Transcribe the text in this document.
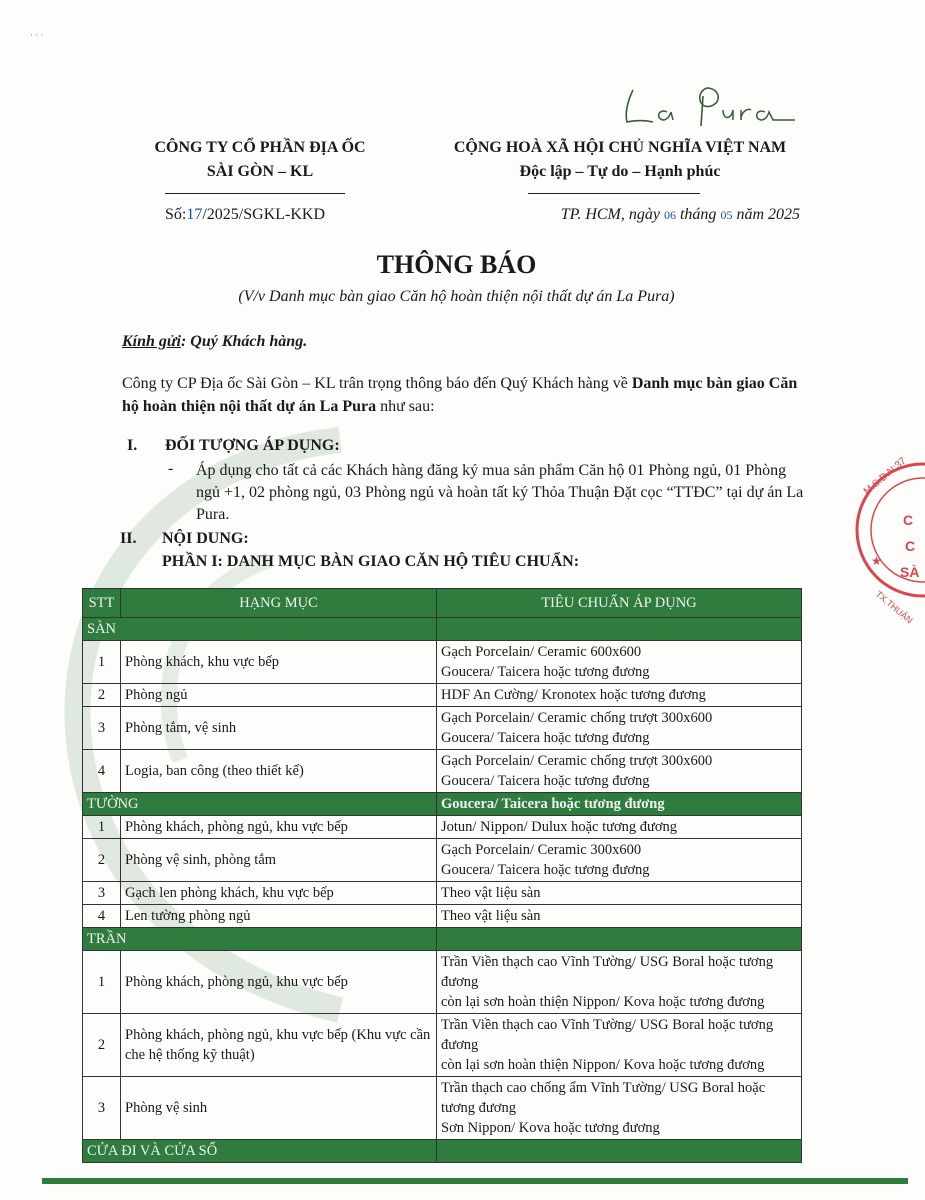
· · ·
M.S.D.N:37
C
C
SÀ
★
TX.THUẬN
CÔNG TY CỔ PHẦN ĐỊA ỐC
SÀI GÒN – KL
CỘNG HOÀ XÃ HỘI CHỦ NGHĨA VIỆT NAM
Độc lập – Tự do – Hạnh phúc
Số:17/2025/SGKL-KKD	TP. HCM, ngày 06 tháng 05 năm 2025
THÔNG BÁO
(V/v Danh mục bàn giao Căn hộ hoàn thiện nội thất dự án La Pura)
Kính gửi: Quý Khách hàng.
Công ty CP Địa ốc Sài Gòn – KL trân trọng thông báo đến Quý Khách hàng về Danh mục bàn giao Căn hộ hoàn thiện nội thất dự án La Pura như sau:
I. ĐỐI TƯỢNG ÁP DỤNG:
- Áp dụng cho tất cả các Khách hàng đăng ký mua sản phẩm Căn hộ 01 Phòng ngủ, 01 Phòng ngủ +1, 02 phòng ngủ, 03 Phòng ngủ và hoàn tất ký Thỏa Thuận Đặt cọc “TTĐC” tại dự án La Pura.
II. NỘI DUNG:
PHẦN I: DANH MỤC BÀN GIAO CĂN HỘ TIÊU CHUẨN:
STT	HẠNG MỤC	TIÊU CHUẨN ÁP DỤNG
SÀN		
1	Phòng khách, khu vực bếp	Gạch Porcelain/ Ceramic 600x600
Goucera/ Taicera hoặc tương đương

2	Phòng ngủ	HDF An Cường/ Kronotex hoặc tương đương
3	Phòng tắm, vệ sinh	Gạch Porcelain/ Ceramic chống trượt 300x600
Goucera/ Taicera hoặc tương đương

4	Logia, ban công (theo thiết kế)	Gạch Porcelain/ Ceramic chống trượt 300x600
Goucera/ Taicera hoặc tương đương

TƯỜNG		Goucera/ Taicera hoặc tương đương
1	Phòng khách, phòng ngủ, khu vực bếp	Jotun/ Nippon/ Dulux hoặc tương đương
2	Phòng vệ sinh, phòng tắm	Gạch Porcelain/ Ceramic 300x600
Goucera/ Taicera hoặc tương đương

3	Gạch len phòng khách, khu vực bếp	Theo vật liệu sàn
4	Len tường phòng ngủ	Theo vật liệu sàn
TRẦN		
1	Phòng khách, phòng ngủ, khu vực bếp	Trần Viền thạch cao Vĩnh Tường/ USG Boral hoặc tương đương
còn lại sơn hoàn thiện Nippon/ Kova hoặc tương đương

2	Phòng khách, phòng ngủ, khu vực bếp (Khu vực cần che hệ thống kỹ thuật)	Trần Viền thạch cao Vĩnh Tường/ USG Boral hoặc tương đương
còn lại sơn hoàn thiện Nippon/ Kova hoặc tương đương

3	Phòng vệ sinh	Trần thạch cao chống ẩm Vĩnh Tường/ USG Boral hoặc tương đương
Sơn Nippon/ Kova hoặc tương đương

CỬA ĐI VÀ CỬA SỔ		
